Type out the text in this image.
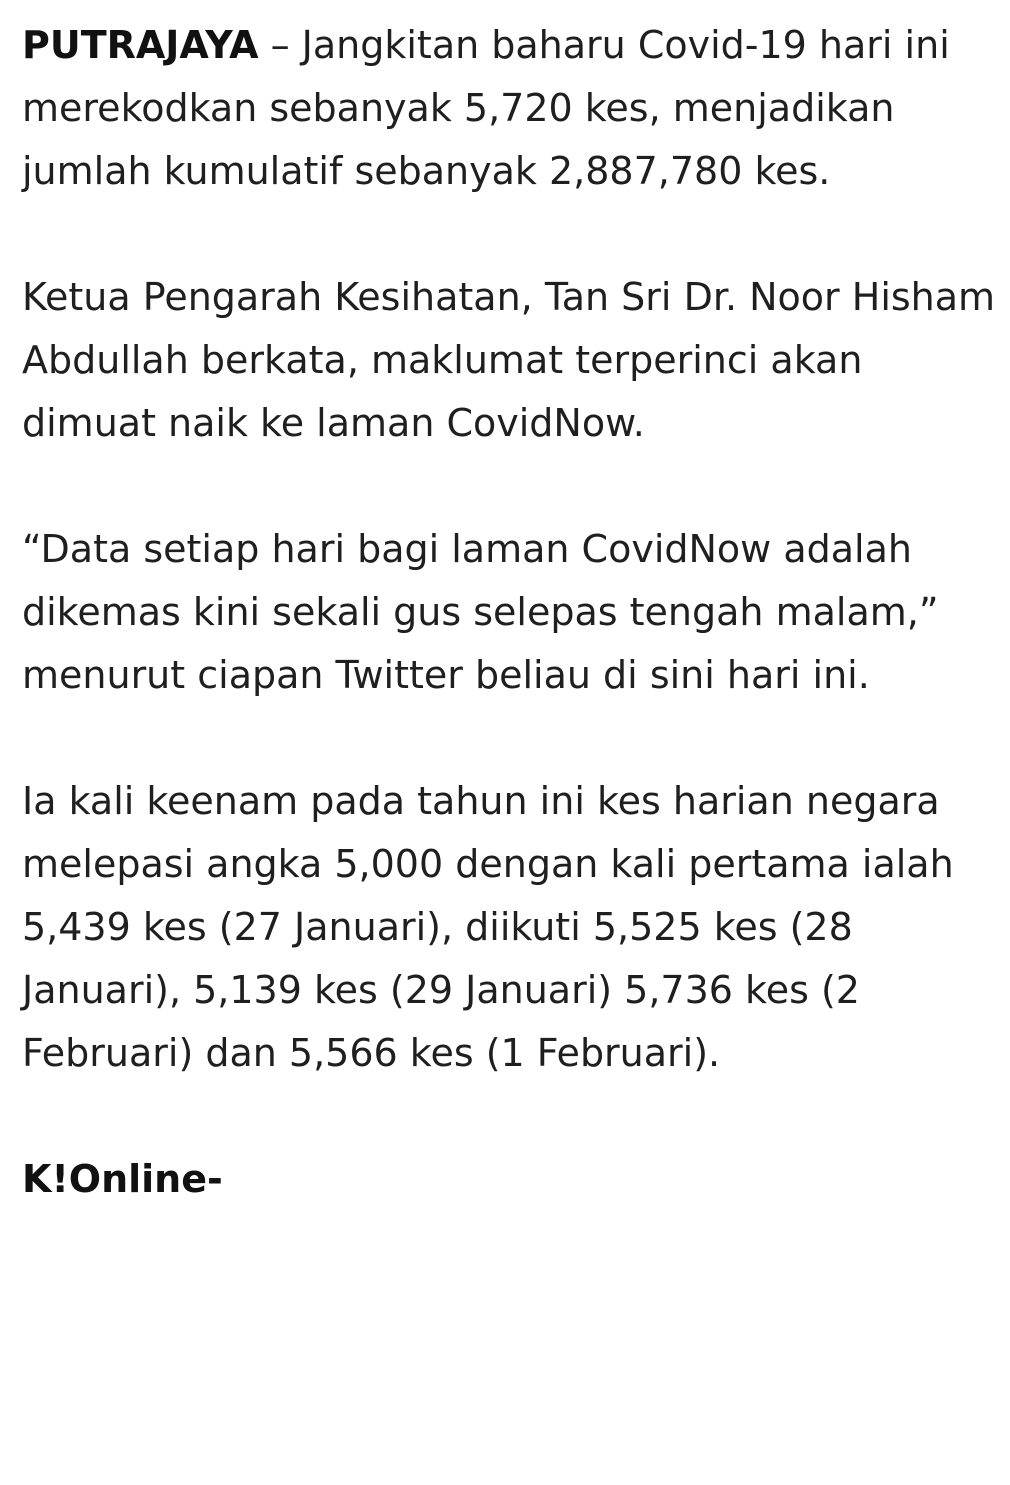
PUTRAJAYA – Jangkitan baharu Covid-19 hari ini merekodkan sebanyak 5,720 kes, menjadikan jumlah kumulatif sebanyak 2,887,780 kes.

Ketua Pengarah Kesihatan, Tan Sri Dr. Noor Hisham Abdullah berkata, maklumat terperinci akan dimuat naik ke laman CovidNow.

“Data setiap hari bagi laman CovidNow adalah dikemas kini sekali gus selepas tengah malam,” menurut ciapan Twitter beliau di sini hari ini.

Ia kali keenam pada tahun ini kes harian negara melepasi angka 5,000 dengan kali pertama ialah 5,439 kes (27 Januari), diikuti 5,525 kes (28 Januari), 5,139 kes (29 Januari) 5,736 kes (2 Februari) dan 5,566 kes (1 Februari).

K!Online-
